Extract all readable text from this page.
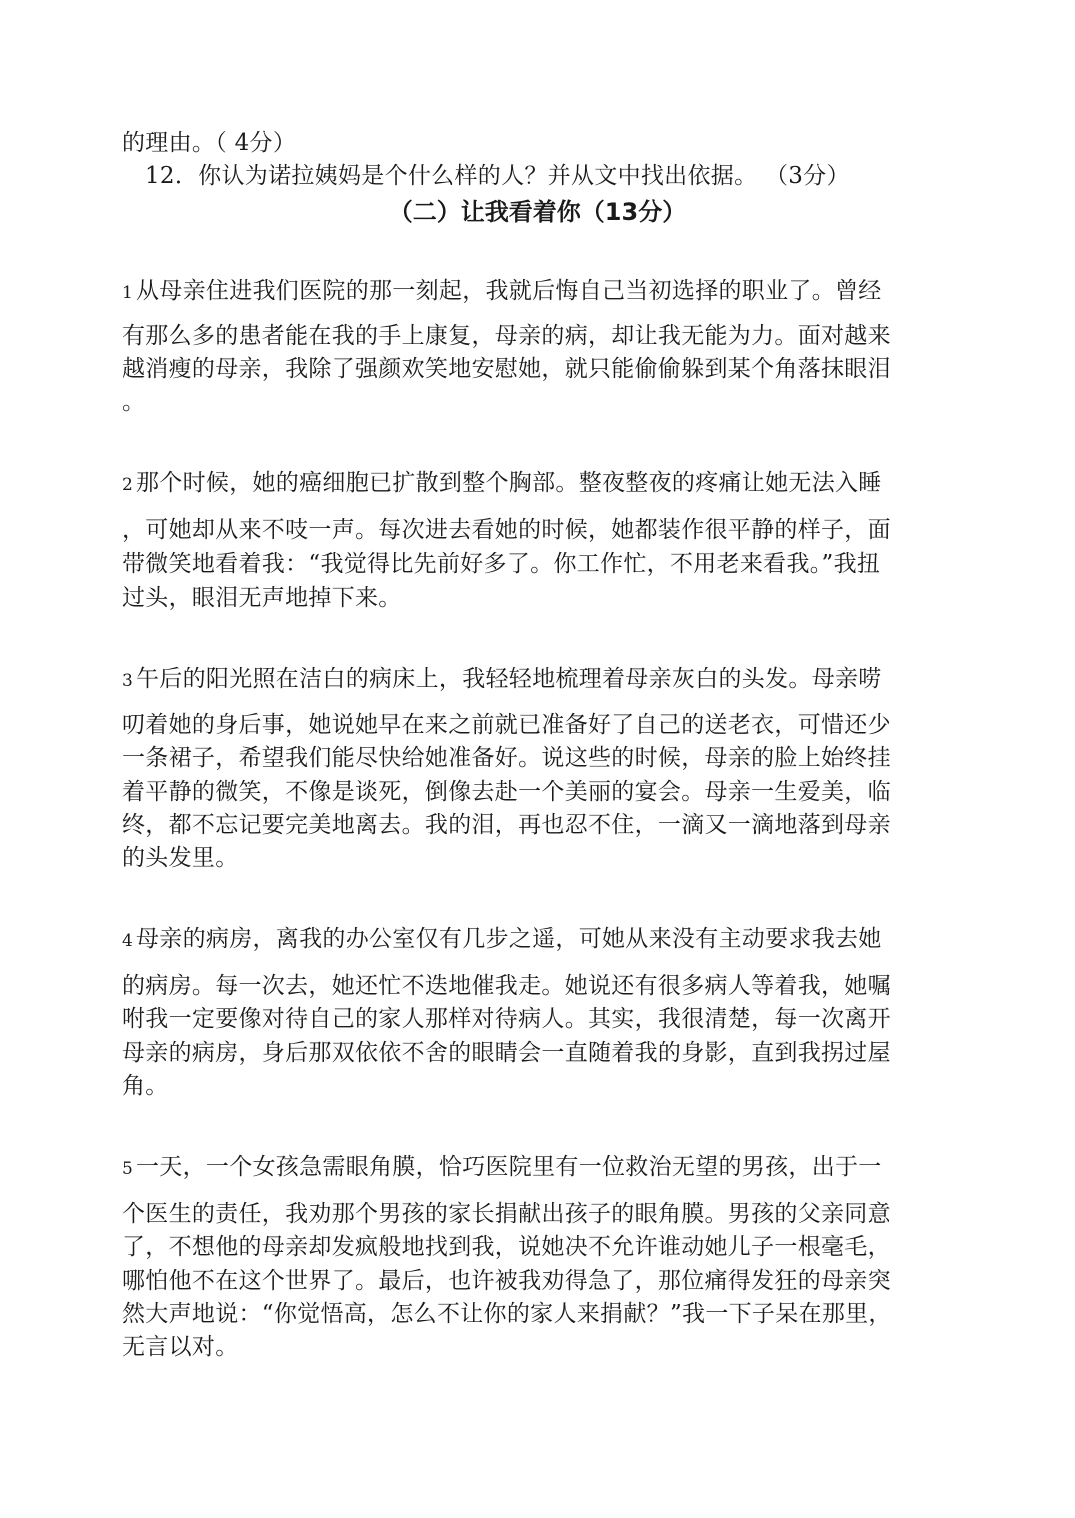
的理由。（ 4分）
12．你认为诺拉姨妈是个什么样的人？并从文中找出依据。 （3分）
（二）让我看着你（13分）
1 从母亲住进我们医院的那一刻起，我就后悔自己当初选择的职业了。曾经
有那么多的患者能在我的手上康复，母亲的病，却让我无能为力。面对越来
越消瘦的母亲，我除了强颜欢笑地安慰她，就只能偷偷躲到某个角落抹眼泪
。
2 那个时候，她的癌细胞已扩散到整个胸部。整夜整夜的疼痛让她无法入睡
，可她却从来不吱一声。每次进去看她的时候，她都装作很平静的样子，面
带微笑地看着我：“我觉得比先前好多了。你工作忙，不用老来看我。”我扭
过头，眼泪无声地掉下来。
3 午后的阳光照在洁白的病床上，我轻轻地梳理着母亲灰白的头发。母亲唠
叨着她的身后事，她说她早在来之前就已准备好了自己的送老衣，可惜还少
一条裙子，希望我们能尽快给她准备好。说这些的时候，母亲的脸上始终挂
着平静的微笑，不像是谈死，倒像去赴一个美丽的宴会。母亲一生爱美，临
终，都不忘记要完美地离去。我的泪，再也忍不住，一滴又一滴地落到母亲
的头发里。
4 母亲的病房，离我的办公室仅有几步之遥，可她从来没有主动要求我去她
的病房。每一次去，她还忙不迭地催我走。她说还有很多病人等着我，她嘱
咐我一定要像对待自己的家人那样对待病人。其实，我很清楚，每一次离开
母亲的病房，身后那双依依不舍的眼睛会一直随着我的身影，直到我拐过屋
角。
5 一天，一个女孩急需眼角膜，恰巧医院里有一位救治无望的男孩，出于一
个医生的责任，我劝那个男孩的家长捐献出孩子的眼角膜。男孩的父亲同意
了，不想他的母亲却发疯般地找到我，说她决不允许谁动她儿子一根毫毛，
哪怕他不在这个世界了。最后，也许被我劝得急了，那位痛得发狂的母亲突
然大声地说：“你觉悟高，怎么不让你的家人来捐献？”我一下子呆在那里，
无言以对。
